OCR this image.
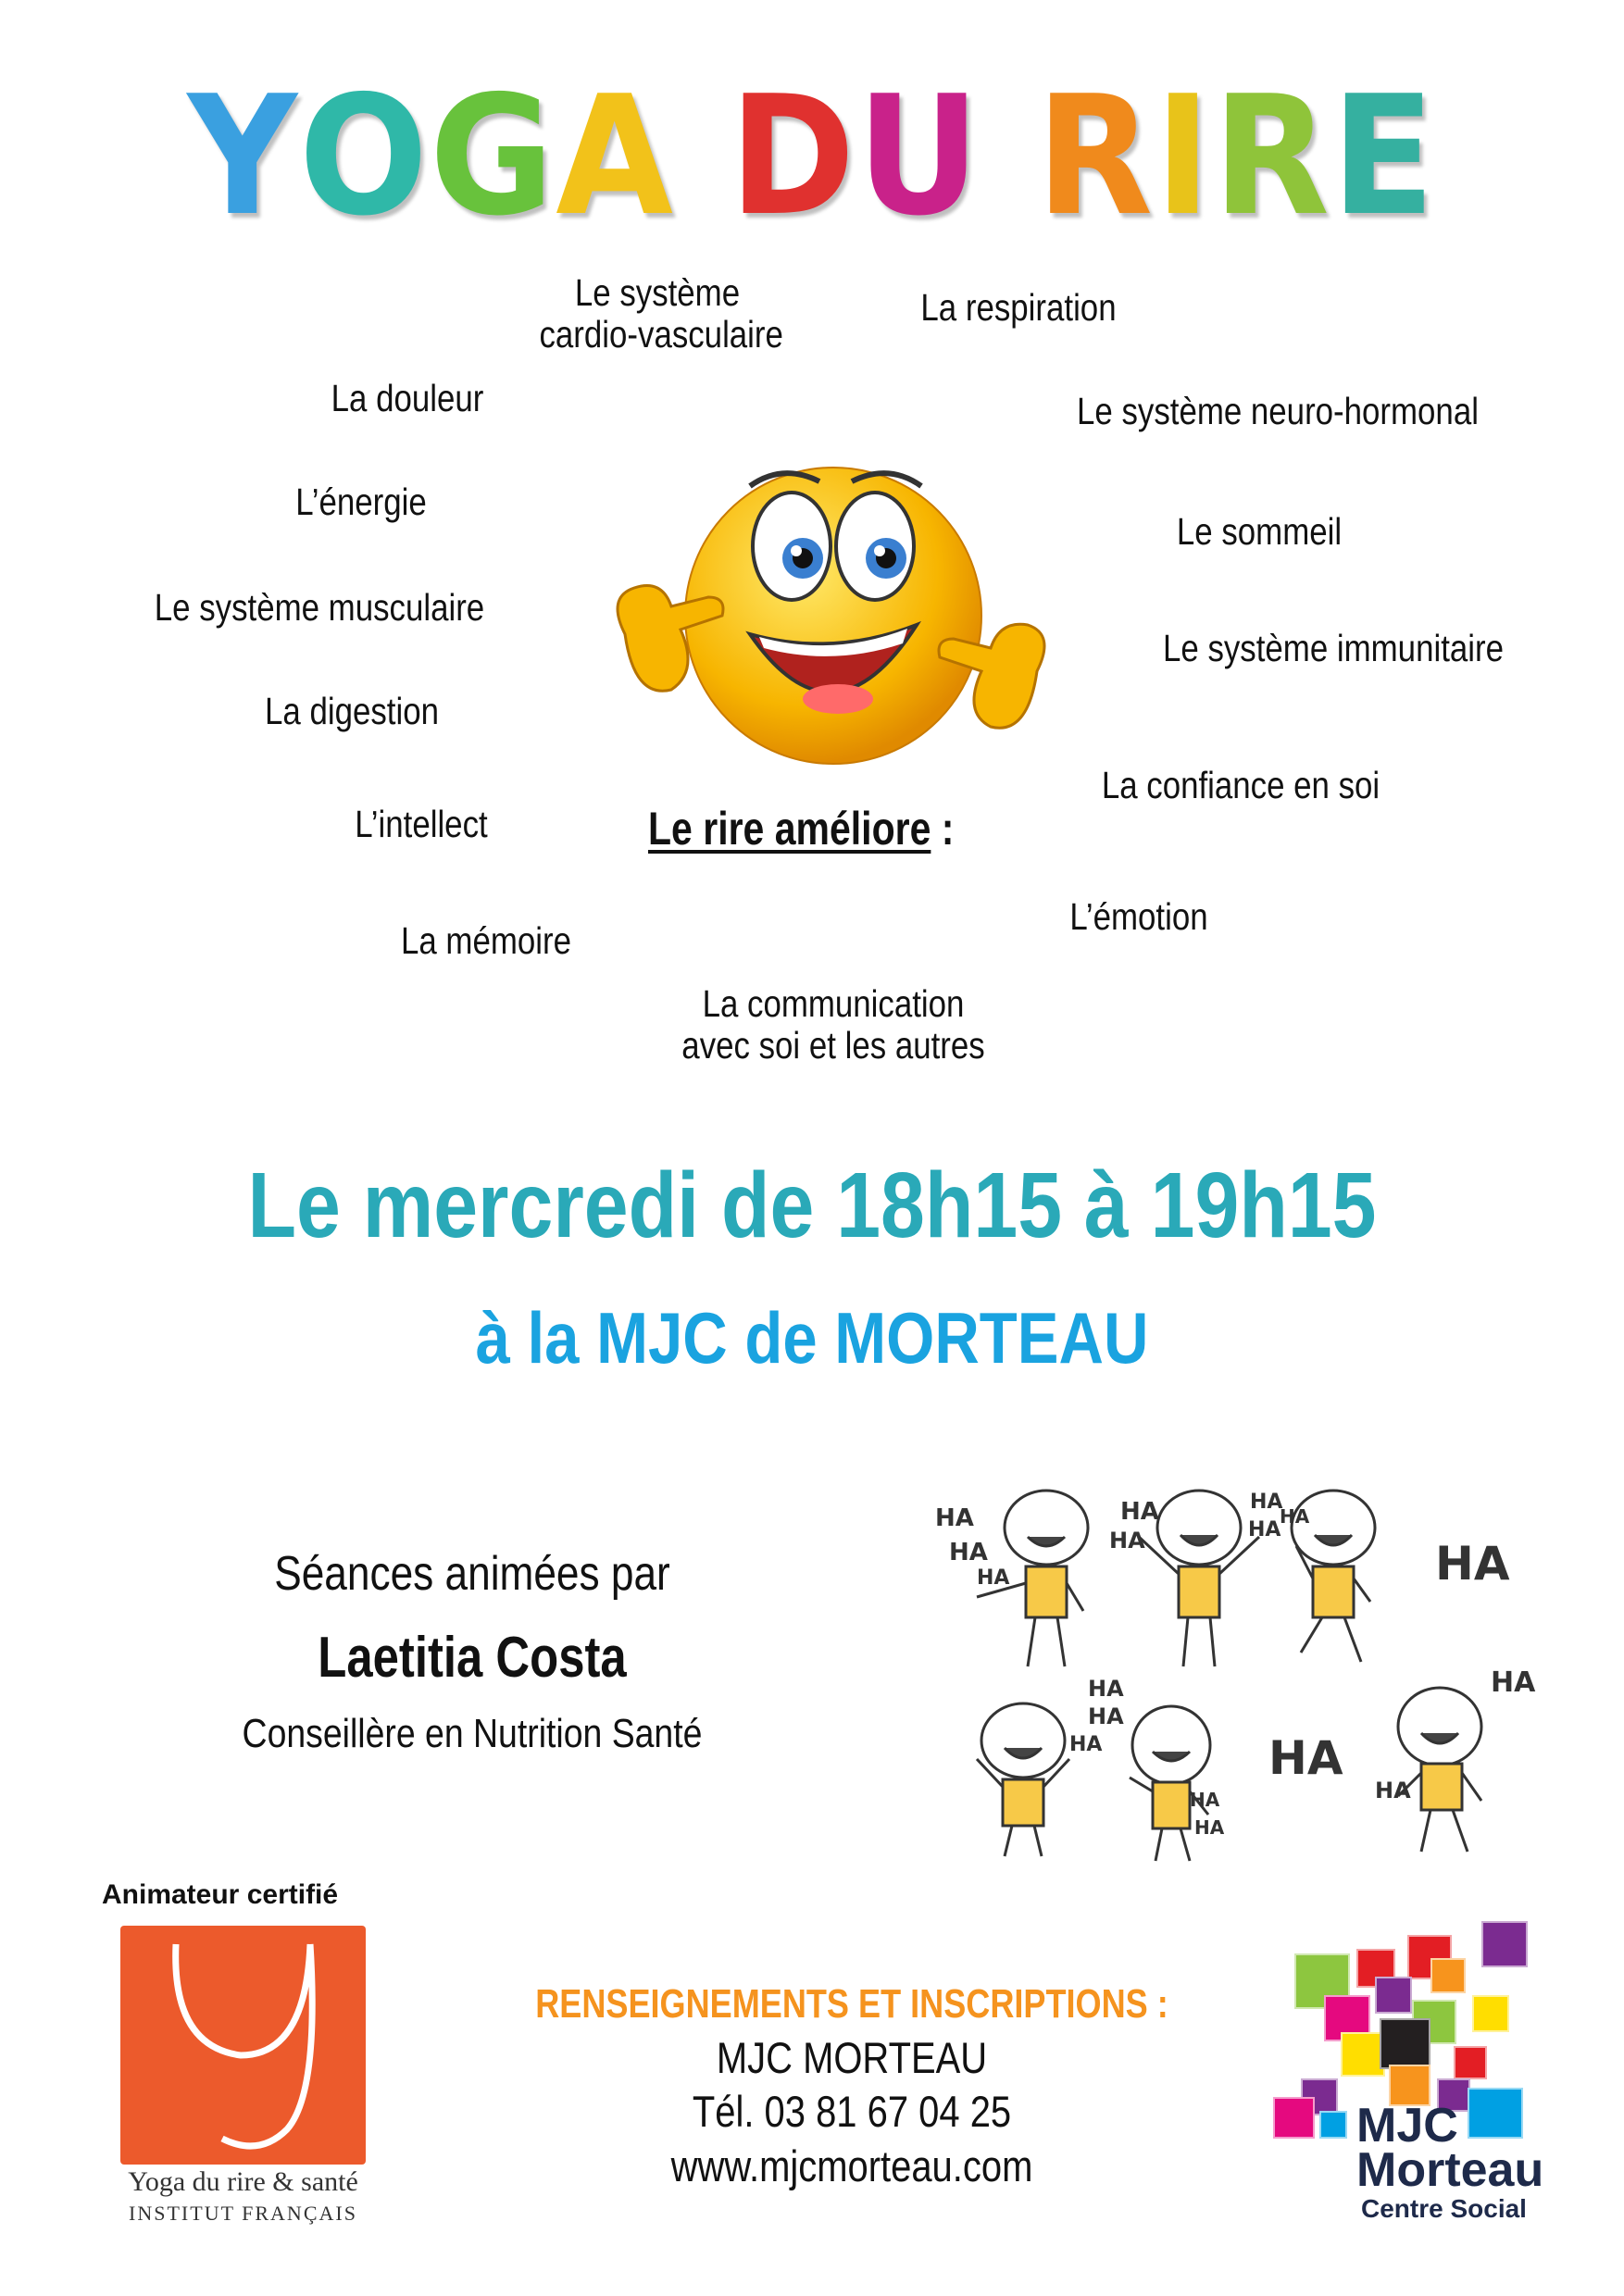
YOGA DU RIRE
Le système
cardio-vasculaire
La respiration
La douleur	Le système neuro-hormonal
L’énergie
Le sommeil
Le système musculaire
Le système immunitaire
La digestion
La confiance en soi
L’intellect
L’émotion
La mémoire
La communication
avec soi et les autres
Le rire améliore :
Le mercredi de 18h15 à 19h15
à la MJC de MORTEAU
Séances animées par
Laetitia Costa
Conseillère en Nutrition Santé
HA
HA
HA
HA
HA
HA
HA
HA
HA
HA
HA
HA
HA	HA
HA
HA
HA
Animateur certifié
Yoga du rire & santé
INSTITUT FRANÇAIS
RENSEIGNEMENTS ET INSCRIPTIONS :
MJC MORTEAU
Tél. 03 81 67 04 25
www.mjcmorteau.com
MJC
Morteau
Centre Social
